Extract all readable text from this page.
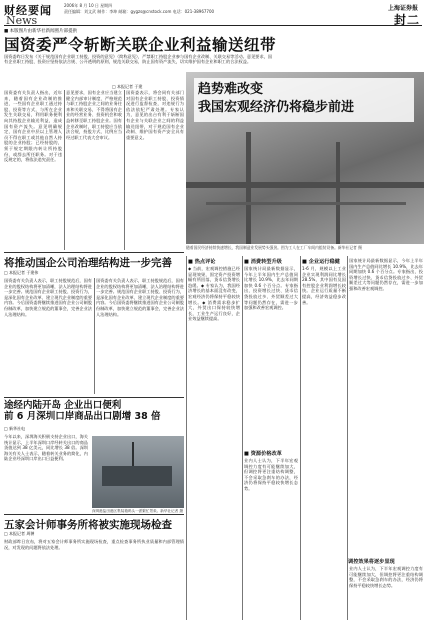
财经要闻
News
2006年 8 月 10 日 星期四
责任编辑：刘文武 制作：李坤 邮箱：gygzs@cnstock.com 电话：021-38967700	上海证券报
封二
■ 本版图片由新华社新闻照片部提供
国资委严令斩断关联企业利益输送纽带
国资委昨日发布《关于规范国有企业职工持股、投资的意见》（简称意见），严禁职工持股企业参与国有企业改制、关联交易等活动。意见要求，国有企业职工持股、投资应坚持依法合规、公开透明的原则，规范关联交易，防止国有资产流失，切实维护国有企业和职工的合法权益。
□ 本报记者 于建
国资委有关负责人指出，近年来，随着国有企业改制的推进，一些国有企业职工通过持股、投资等方式，与所在企业发生关联交易，利用职务便利向其持股企业输送利益，造成国有资产流失。意见明确规定，国有企业中层以上管理人员不得在职工或其他自然人持股的企业持股；已经持股的，须于规定期限内转让所持股份，或辞去所任职务。对于违反规定的，将依法追究责任。
意见要求，国有企业应当建立健全内部审计制度，严格规范与职工持股企业之间的业务往来和关联交易，不得将国有企业的经营业务、投资机会和收益转移至职工持股企业。国有企业改制时，职工持股应当依法合规，持股方式、比例应当经过职工代表大会审议。
国资委表示，将会同有关部门对国有企业职工持股、投资情况进行监督检查，对违规行为依法依纪严肃处理。专家认为，意见的出台有利于斩断国有企业与关联企业之间的利益输送纽带，对于规范国有企业改制、维护国有资产安全具有重要意义。
趋势难改变
我国宏观经济仍将稳步前进
随着国民经济持续快速增长，我国制造业发展势头强劲。图为工人在工厂车间内组装设备。新华社记者 摄
将推动国企公司治理结构进一步完善
□ 本报记者 于建伟
国资委有关负责人表示，职工持股规范后，国有企业的股权结构将更加清晰，法人治理结构将进一步完善。规范国有企业职工持股、投资行为，是深化国有企业改革、建立现代企业制度的重要内容。今后国资委将继续推进国有企业公司制股份制改革，加快建立规范的董事会，完善企业法人治理结构。
国资委有关负责人表示，职工持股规范后，国有企业的股权结构将更加清晰，法人治理结构将进一步完善。规范国有企业职工持股、投资行为，是深化国有企业改革、建立现代企业制度的重要内容。今后国资委将继续推进国有企业公司制股份制改革，加快建立规范的董事会，完善企业法人治理结构。
途经内陆开岛 企业出口便利
前 6 月深圳口岸商品出口剧增 38 倍
□ 新华社电
今年以来，深圳海关积极支持企业出口，海关统计显示，上半年深圳口岸经转关出口的商品货值达到 38 亿美元，同比增长 38 倍。深圳海关有关人士表示，随着转关业务的简化，内陆企业经深圳口岸出口日益便利。
深圳港盐田港区集装箱码头一派繁忙景象。新华社记者 摄
五家会计师事务所将被实施现场检查
□ 本报记者 周翀
财政部昨日宣布，将对五家会计师事务所实施现场检查，重点检查事务所执业质量和内部管理情况，对发现的问题将依法处理。
■ 热点评论
◆ 当前，宏观调控措施已经显现效果，固定资产投资增幅有所回落，货币信贷增长趋缓。◆ 专家认为，我国经济增长的基本面没有改变，宏观经济仍将保持平稳较快增长。◆ 消费需求稳步扩大，外贸出口保持较快增长，工业生产运行良好，企业效益继续提高。
■ 消费转型升级
国家统计局最新数据显示，今年上半年国内生产总值同比增长 10.9%，比去年同期加快 0.6 个百分点。专家指出，投资增长过快、货币信贷投放过多、外贸顺差过大等问题仍然存在，需进一步加强和改善宏观调控。
■ 资源价格改革
业内人士认为，下半年宏观调控力度有可能继续加大，但调控将更注重结构调整，不会采取急刹车的办法，经济仍将保持平稳较快增长态势。
■ 企业运行稳健
1-6 月，规模以上工业企业实现利润同比增长 28.5%，其中国有及国有控股企业利润增长较快。企业运行质量不断提高，经济效益稳步改善。
国家统计局最新数据显示，今年上半年国内生产总值同比增长 10.9%，比去年同期加快 0.6 个百分点。专家指出，投资增长过快、货币信贷投放过多、外贸顺差过大等问题仍然存在，需进一步加强和改善宏观调控。
调控效果将逐步显现
业内人士认为，下半年宏观调控力度有可能继续加大，但调控将更注重结构调整，不会采取急刹车的办法，经济仍将保持平稳较快增长态势。
